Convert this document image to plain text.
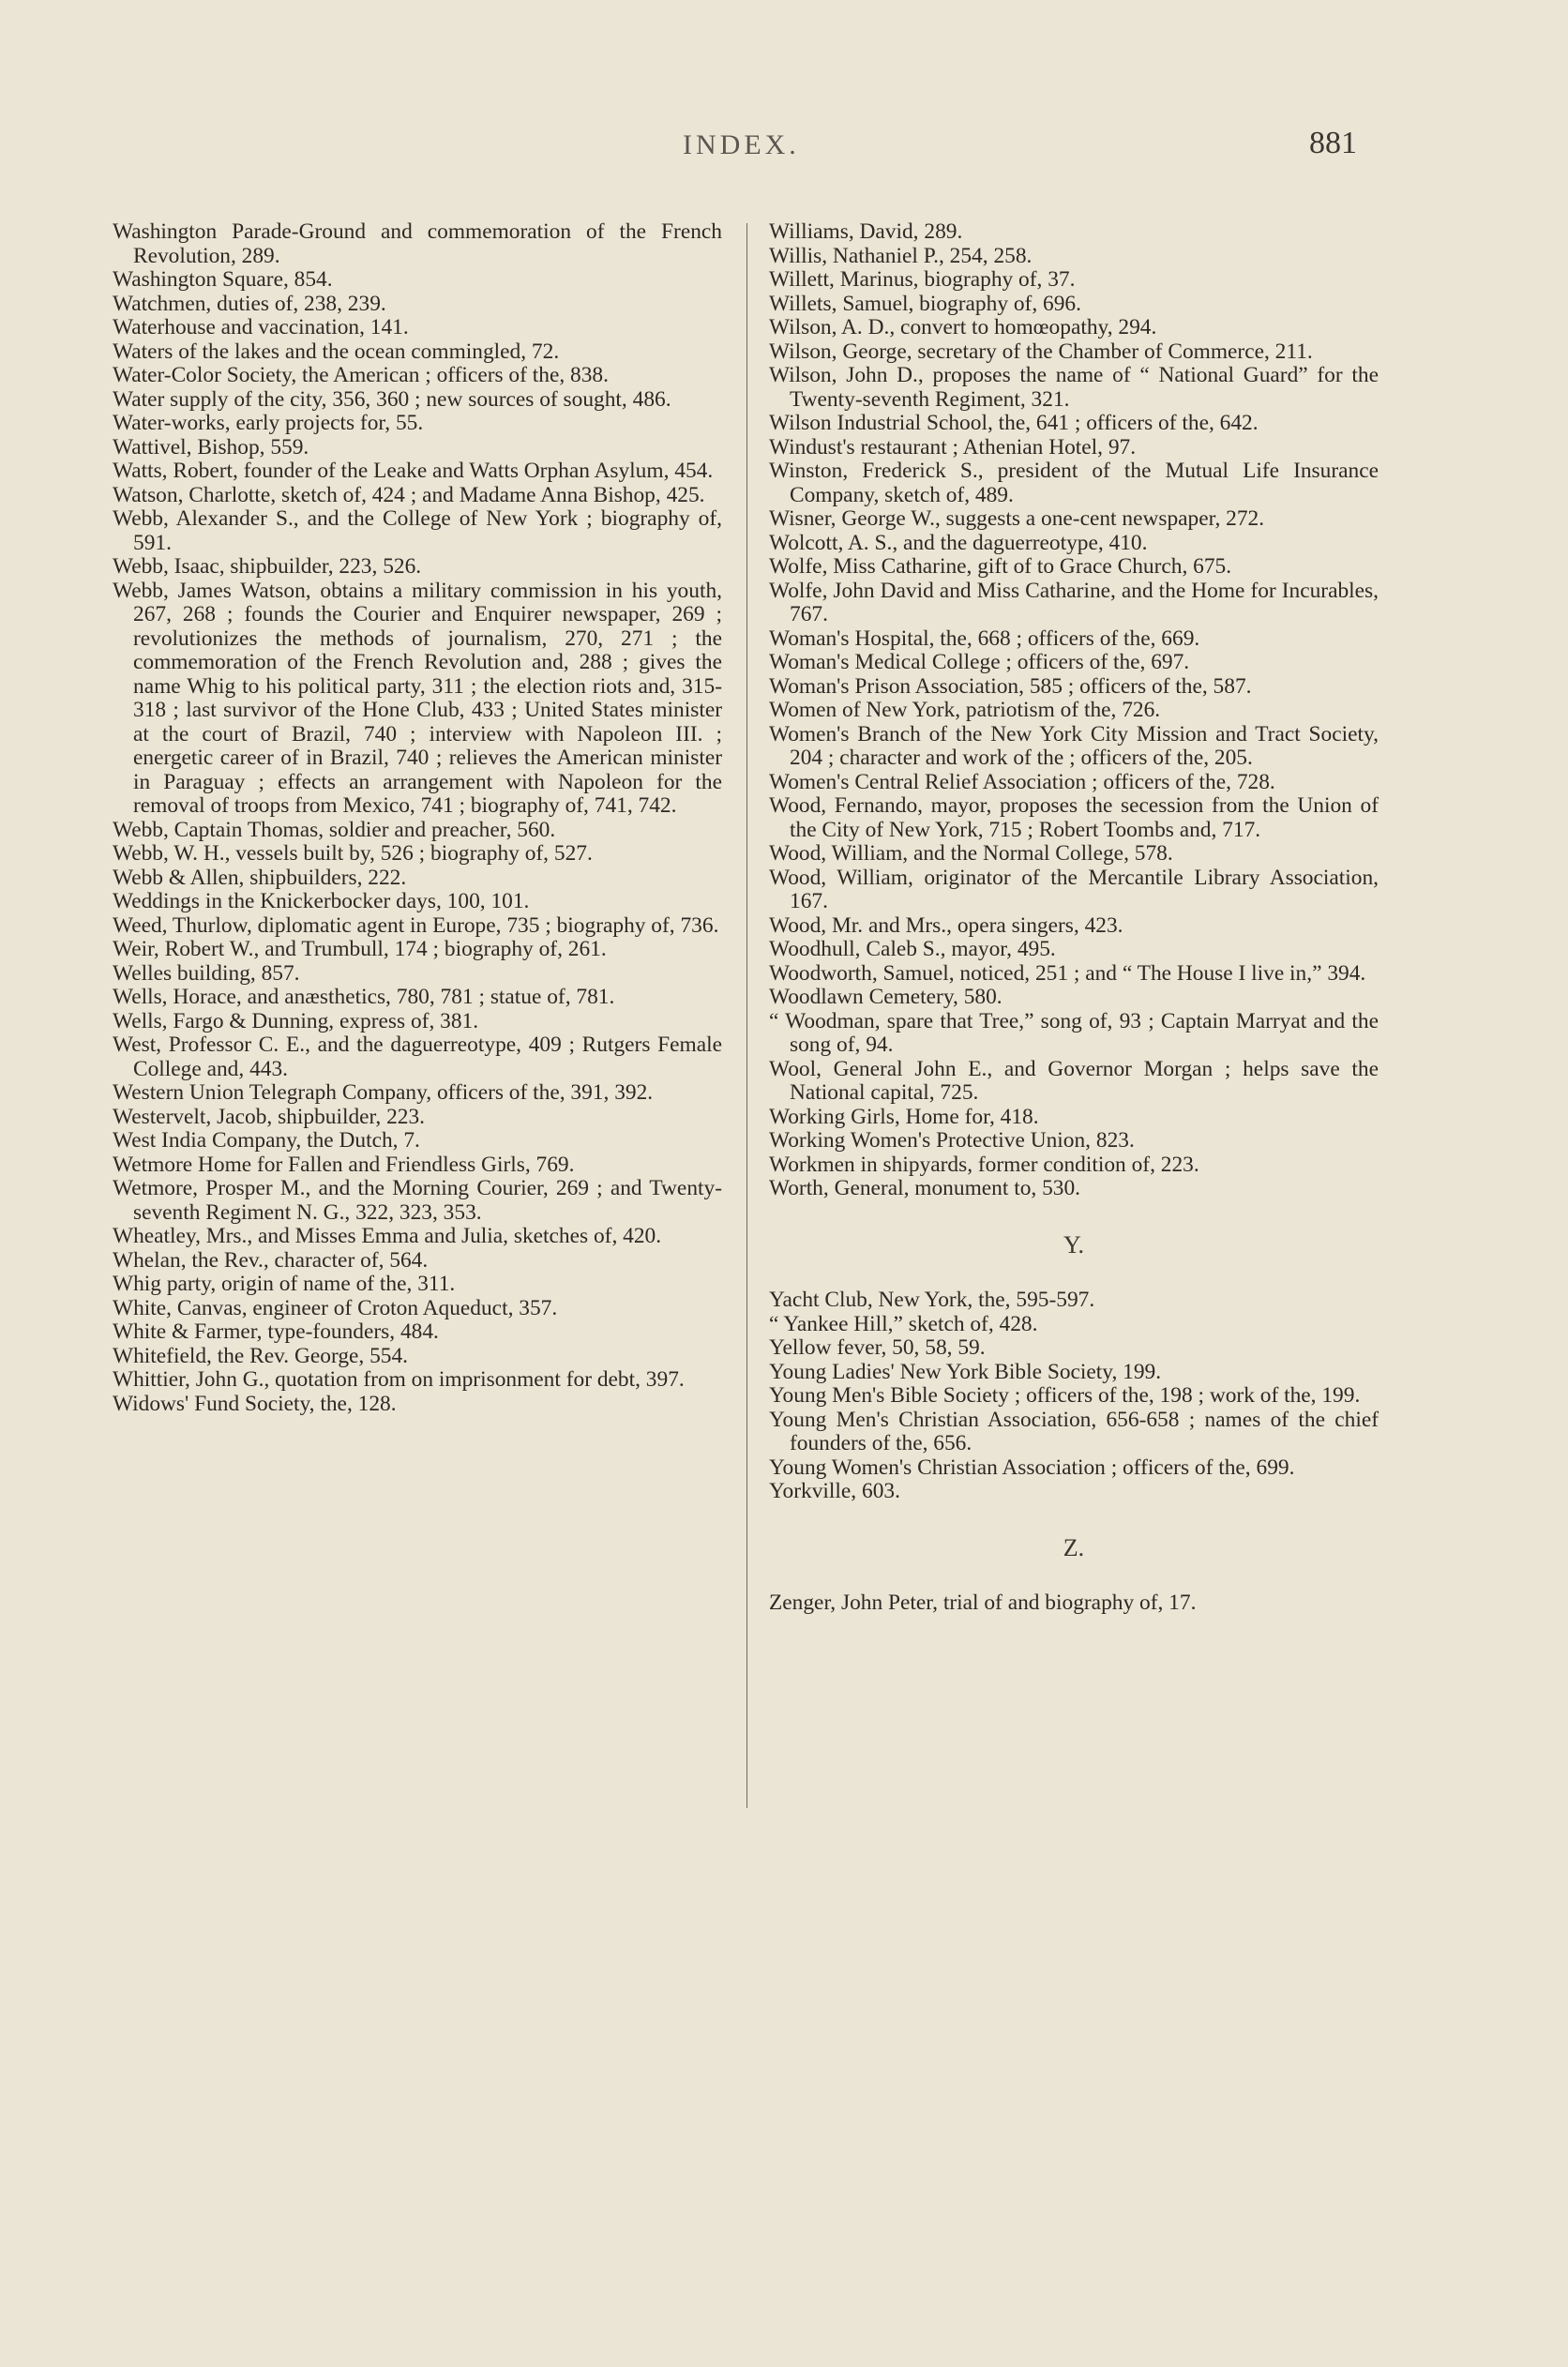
INDEX.	881

Washington Parade-Ground and commemoration of the French Revolution, 289.

Washington Square, 854.

Watchmen, duties of, 238, 239.

Waterhouse and vaccination, 141.

Waters of the lakes and the ocean commingled, 72.

Water-Color Society, the American ; officers of the, 838.

Water supply of the city, 356, 360 ; new sources of sought, 486.

Water-works, early projects for, 55.

Wattivel, Bishop, 559.

Watts, Robert, founder of the Leake and Watts Orphan Asylum, 454.

Watson, Charlotte, sketch of, 424 ; and Madame Anna Bishop, 425.

Webb, Alexander S., and the College of New York ; biography of, 591.

Webb, Isaac, shipbuilder, 223, 526.

Webb, James Watson, obtains a military commission in his youth, 267, 268 ; founds the Courier and Enquirer newspaper, 269 ; revolutionizes the methods of journalism, 270, 271 ; the commemoration of the French Revolution and, 288 ; gives the name Whig to his political party, 311 ; the election riots and, 315-318 ; last survivor of the Hone Club, 433 ; United States minister at the court of Brazil, 740 ; interview with Napoleon III. ; energetic career of in Brazil, 740 ; relieves the American minister in Paraguay ; effects an arrangement with Napoleon for the removal of troops from Mexico, 741 ; biography of, 741, 742.

Webb, Captain Thomas, soldier and preacher, 560.

Webb, W. H., vessels built by, 526 ; biography of, 527.

Webb & Allen, shipbuilders, 222.

Weddings in the Knickerbocker days, 100, 101.

Weed, Thurlow, diplomatic agent in Europe, 735 ; biography of, 736.

Weir, Robert W., and Trumbull, 174 ; biography of, 261.

Welles building, 857.

Wells, Horace, and anæsthetics, 780, 781 ; statue of, 781.

Wells, Fargo & Dunning, express of, 381.

West, Professor C. E., and the daguerreotype, 409 ; Rutgers Female College and, 443.

Western Union Telegraph Company, officers of the, 391, 392.

Westervelt, Jacob, shipbuilder, 223.

West India Company, the Dutch, 7.

Wetmore Home for Fallen and Friendless Girls, 769.

Wetmore, Prosper M., and the Morning Courier, 269 ; and Twenty-seventh Regiment N. G., 322, 323, 353.

Wheatley, Mrs., and Misses Emma and Julia, sketches of, 420.

Whelan, the Rev., character of, 564.

Whig party, origin of name of the, 311.

White, Canvas, engineer of Croton Aqueduct, 357.

White & Farmer, type-founders, 484.

Whitefield, the Rev. George, 554.

Whittier, John G., quotation from on imprisonment for debt, 397.

Widows' Fund Society, the, 128.

Williams, David, 289.

Willis, Nathaniel P., 254, 258.

Willett, Marinus, biography of, 37.

Willets, Samuel, biography of, 696.

Wilson, A. D., convert to homœopathy, 294.

Wilson, George, secretary of the Chamber of Commerce, 211.

Wilson, John D., proposes the name of “ National Guard” for the Twenty-seventh Regiment, 321.

Wilson Industrial School, the, 641 ; officers of the, 642.

Windust's restaurant ; Athenian Hotel, 97.

Winston, Frederick S., president of the Mutual Life Insurance Company, sketch of, 489.

Wisner, George W., suggests a one-cent newspaper, 272.

Wolcott, A. S., and the daguerreotype, 410.

Wolfe, Miss Catharine, gift of to Grace Church, 675.

Wolfe, John David and Miss Catharine, and the Home for Incurables, 767.

Woman's Hospital, the, 668 ; officers of the, 669.

Woman's Medical College ; officers of the, 697.

Woman's Prison Association, 585 ; officers of the, 587.

Women of New York, patriotism of the, 726.

Women's Branch of the New York City Mission and Tract Society, 204 ; character and work of the ; officers of the, 205.

Women's Central Relief Association ; officers of the, 728.

Wood, Fernando, mayor, proposes the secession from the Union of the City of New York, 715 ; Robert Toombs and, 717.

Wood, William, and the Normal College, 578.

Wood, William, originator of the Mercantile Library Association, 167.

Wood, Mr. and Mrs., opera singers, 423.

Woodhull, Caleb S., mayor, 495.

Woodworth, Samuel, noticed, 251 ; and “ The House I live in,” 394.

Woodlawn Cemetery, 580.

“ Woodman, spare that Tree,” song of, 93 ; Captain Marryat and the song of, 94.

Wool, General John E., and Governor Morgan ; helps save the National capital, 725.

Working Girls, Home for, 418.

Working Women's Protective Union, 823.

Workmen in shipyards, former condition of, 223.

Worth, General, monument to, 530.

Y.

Yacht Club, New York, the, 595-597.

“ Yankee Hill,” sketch of, 428.

Yellow fever, 50, 58, 59.

Young Ladies' New York Bible Society, 199.

Young Men's Bible Society ; officers of the, 198 ; work of the, 199.

Young Men's Christian Association, 656-658 ; names of the chief founders of the, 656.

Young Women's Christian Association ; officers of the, 699.

Yorkville, 603.

Z.

Zenger, John Peter, trial of and biography of, 17.
